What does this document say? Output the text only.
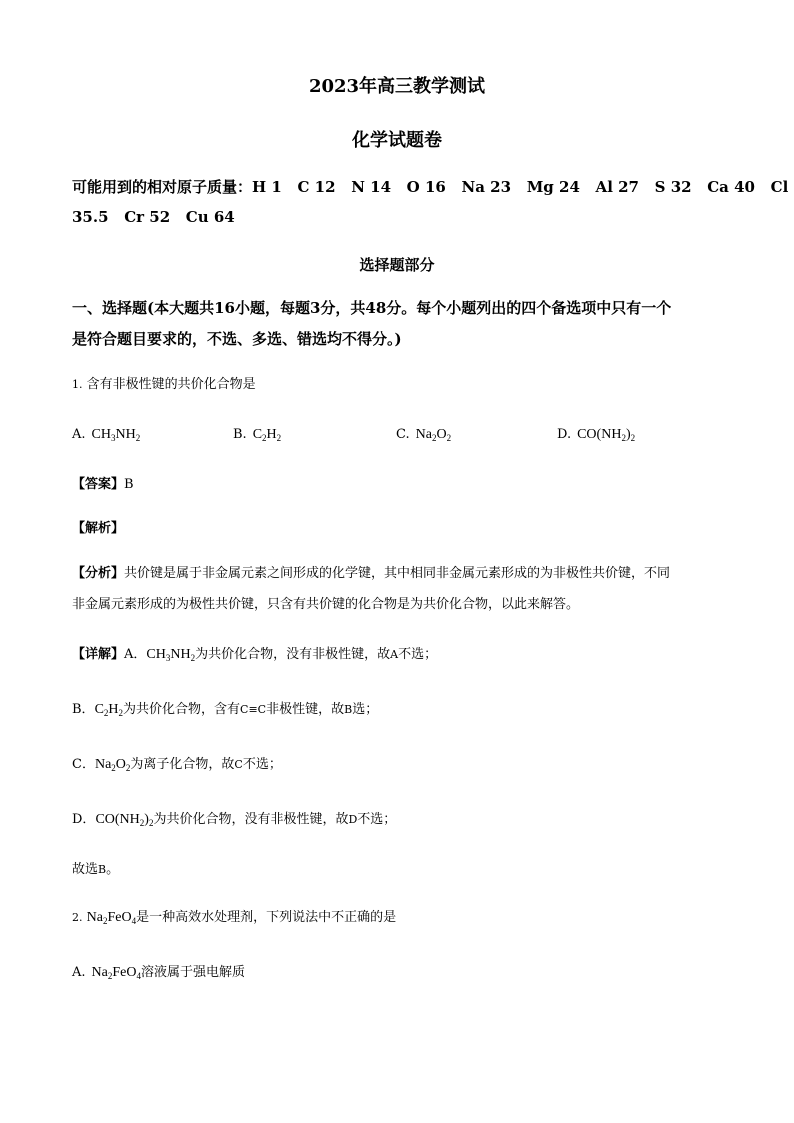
2023年高三教学测试
化学试题卷
可能用到的相对原子质量：H 1   C 12   N 14   O 16   Na 23   Mg 24   Al 27   S 32   Ca 40   Cl
35.5   Cr 52   Cu 64
选择题部分
一、选择题(本大题共16小题，每题3分，共48分。每个小题列出的四个备选项中只有一个
是符合题目要求的，不选、多选、错选均不得分。)
1. 含有非极性键的共价化合物是
A. $CH_3NH_2$	B. $C_2H_2$	C. $Na_2O_2$	D. $CO(NH_2)_2$
【答案】B
【解析】
【分析】共价键是属于非金属元素之间形成的化学键，其中相同非金属元素形成的为非极性共价键，不同
非金属元素形成的为极性共价键，只含有共价键的化合物是为共价化合物，以此来解答。
【详解】A．$CH_3NH_2$为共价化合物，没有非极性键，故A不选；
B．$C_2H_2$为共价化合物，含有C≡C非极性键，故B选；
C．$Na_2O_2$为离子化合物，故C不选；
D．$CO(NH_2)_2$为共价化合物，没有非极性键，故D不选；
故选B。
2. $Na_2FeO_4$是一种高效水处理剂，下列说法中不正确的是
A. $Na_2FeO_4$溶液属于强电解质
